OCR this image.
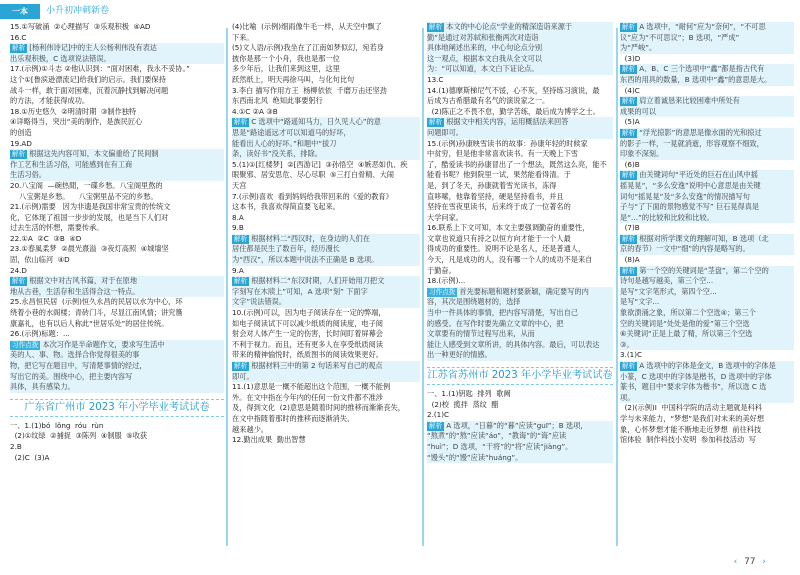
一本	小升初冲刺新卷
15.①写破涌  ②心理描写  ③乐观积极  ④AD
16.C
解析 [杨利伟诗记]中的主人公杨利伟没有表达
出乐观积极，C 选项说法错误。
17.(示例)①斗志 ②他认识到：“面对困难，我永不妥协。”
这个①[鲁滨逊漂流记]给我们的启示。我们要保持
战斗一样，敢于面对困难，沉着沉静找到解决问题
的方法，才能获得成功。
18.①历史悠久  ②明清时期  ③制作独特
④详略得当，突出“美的制作，是族民匠心
的创造
19.AD
解析 根据这先内容可知，本文偏重给了民间制
作工艺和生活习俗，可能感到在有工商
生活习俗。
20.八宝阁  —碗热閒，一碟乡愁。八宝阁里熬的
八宝粥是乡愁。    八宝粥里品不完的乡愁。
21.(示例)需要   因为非遗是我国非常宝贵的传统文
化，它体现了祖国一步步的发展，也是当下人们对
过去生活的怀想，需要传承。
22.①A  ②C  ③B  ④D
23.①春風柔梦  ②晨光熹溢  ③夜灯高照  ④城墙坚
固，依山临河  ④D
24.D
解析 根据文中对古风书篇，对于在原地
地从古巷，生活存和生活得合这一特点。
25.永昌恒民居  (示例)恒久永昌的民居以水为中心，环
绕着小巷的水阁楼；青砖门斗，尽显江南风情；讲究簷
康嘉礼，也有以后人称此“世居乐处”的居住传统。
26.(示例)标题：...
习作点拨 本次习作是半命题作文，要求写生活中
美的人、事、物。选择合你觉得很美的事
物，把它写在题目中，写清楚事情的经过，
写出它的美。围绕中心，把主要内容写
具体，具有感染力。
广东省广州市 2023 年小学毕业考试试卷
一、1.(1)bó  lǒng  róu  rùn
(2)①纹绿  ②捕捉  ③陈列  ④制服  ⑤收获
2.B
(2)C  (3)A
(4)比喻  (示例)细雨像牛毛一样，从天空中飘了
下来。
(5)文人语/示例)我坐在了江南如梦似幻，宛若身
披你是那一个小舟，我也是那一位
多少年后，让我们来到这里，这里
跃然纸上，明天再徐马叫，与化句比句
3.李白 描写作用方王  杨柳依依  千磨万击还坚劲
东西南北风  绝知此事要躬行
4.①C ②A ③B
解析 C 选项中“路遥知马力，日久见人心”的意
思是“路途遥远才可以知道马的好坏，
能看出人心的好坏。”和题中“拔刀
条，读好书”没关系，排除。
5.(1)①[红楼梦]  ②[西游记]  ③孙悟空  ④嫉恶如仇、疾
眼聚邪、居安思危、尽心尽职  ⑤三打白骨精、大闹
天宫
7.(示例)喜欢  看到妈妈给我带回来的《爱的教育》
这本书，我喜欢得简直要飞起来。
8.A
9.B
解析 根据材料二“西汉时，在身边的人们在
居住都是民生了数百年，经历漫长
为“西汉”，所以本题中说法不正确是 B 选项。
9.A
解析 根据材料二“东汉时期，人们开始用刀把文
字刻写在木牍上”可知，A 选项“刻” 下面字
文字”说法错误。
10.(示例)可以，因为电子阅读存在一定的弊端，
如电子阅读试下可以减少纸质的阅读度，电子阅
射会对人体产生一定的伤害，长时间盯着屏幕会
不利于视力。而且，还有更多人在享受纸质阅读
带来的精神愉悦时，纸质图书的阅读效果更好。
解析 根据材料三中的第 2 句话来写自己的观点
即可。
11.(1)意思是一概不能超出这个范围，一概不能例
外。在文中指在今年内的任何一份文件都不准涉
及，得到文化  (2)意思是随着时间的推移而渐渐丧失，
在文中指随着那时的推移而逐渐消失、
越来越少。
12.勤出成果  勤出智慧
解析 本文的中心论点“学业的精深造诣来源于
勤”是通过对苏轼和张衡两次对造诣
具体地阐述出来的，中心句论点分别
这一观点，根据本文白我从全文可以
为：“可以知道，本文白下证论点。
13.C
14.(1)德摩斯梯尼气不馁，心不灰，坚持练习演说，最
后成为古希腊最有名气的演说家之一。
(2)陈正之不畏不怠，勤学苦练，最后成为博学之士。
解析 根据文中相关内容，运用概括法来回答
问题即可。
15.(示例)孙康映雪读书的故事：孙康年轻的时候家
中贫穷，但是他非常喜欢读书。有一天晚上下雪
了，酷爱读书的孙康冒出了一个想法，既然这么亮，能不
能看书呢？他到院里一试，果然能看得清。于
是，到了冬天，孙康就着雪光读书，冻得
直哆嗦，他靠着坚持，硬是坚持看书，并且
坚持在雪夜里读书，后来终于成了一位著名的
大学问家。
16.联系上下文可知，本文主要强调勤奋的重要性，
文章也说道只有持之以恒方向才能于一个人最
得成功的重要性。说明不论是名人，还是普通人，
今天，凡是成功的人，没有哪一个人的成功不是来自
于勤奋。
18.(示例)...
习作点拨 首先要标题和题材要新颖，确定要写的内
容，其次是围绕题材的，选择
当中一件具体的事情，把内容写清楚，写出自己
的感受。在写作时要先确立文章的中心，把
文章要有的情节过程写出来，从而
能让人感受到文章所讲，的具体内容。最后，可以表达
出一种更好的情感。
江苏省苏州市 2023 年小学毕业考试试卷
一、1.(1)钥匙  排列  歌阙
(2)校  揽拌  蒸纹  醋
2.(1)C
解析 A 选项，“日暮”的“暮”应读“guī”；B 选项，
“熬煮”的“熬”应读“áo”，“教诲”的“诲”应读
“huì”；D 选项，“干将”的“将”应读“jiàng”。
“馒头”的“馒”应读“huáng”。
解析 A 选项中，“耐何”应为“奈何”，“不可思
议”应为“不可思议”；B 选项，“严成”
为“严峻”。
(3)D
解析 A、B、C 三个选项中“鑫”都是指古代有
东西的用具的数量，B 选项中“鑫”的意思是大。
(4)C
解析 肩立着诚恳来比较困难中所处有
成果的可以
(5)A
解析 “浮光掠影”的意思是像水面的光和掠过
的影子一样，一晃就消逝，形容观察不细致，
印象不深刻。
(6)B
解析 由关键词句“平近处的巨石在山风中摇
摇晃晃”，“多么安逸”说明中心意思是由关键
词句“摇晃晃”及“多么安逸”的情况描写句
子与“了下面的景物感觉不写” 巨石晃得真是
是“…”的比较和比较和比较。
(7)B
解析 根据对所学课文的理解可知，B 选项（北
京的春节）一文中“细”的内容是略写的。
(8)A
解析 第一个空的关键词是“茎盘”，第二个空的
诗句是越写越美，第三个空...
是写“文字笔形式，第四个空...
是写“文字...
象欲溃涌之象，所以第二个空选④；第三个
空的关键词是“处处是他的爱”第三个空选
⑥关键词“正是上最了精，所以第三个空选
③。
3.(1)C
解析 A 选项中的字体是金文，B 选项中的字体是
小篆，C 选项中的字体是楷书，D 选项中的字体
篆书，题目中“要求字体为楷书”，所以选 C 选
项。
(2)(示例)Ⅰ  中国科学院的活动主题就是科科
学与未来能力，“梦想”是我们对未来的美好想
象，心怀梦想才能不断地走近梦想  前往科技
馆体验  制作科技小发明  参加科技活动  写
‹ 77 ›
